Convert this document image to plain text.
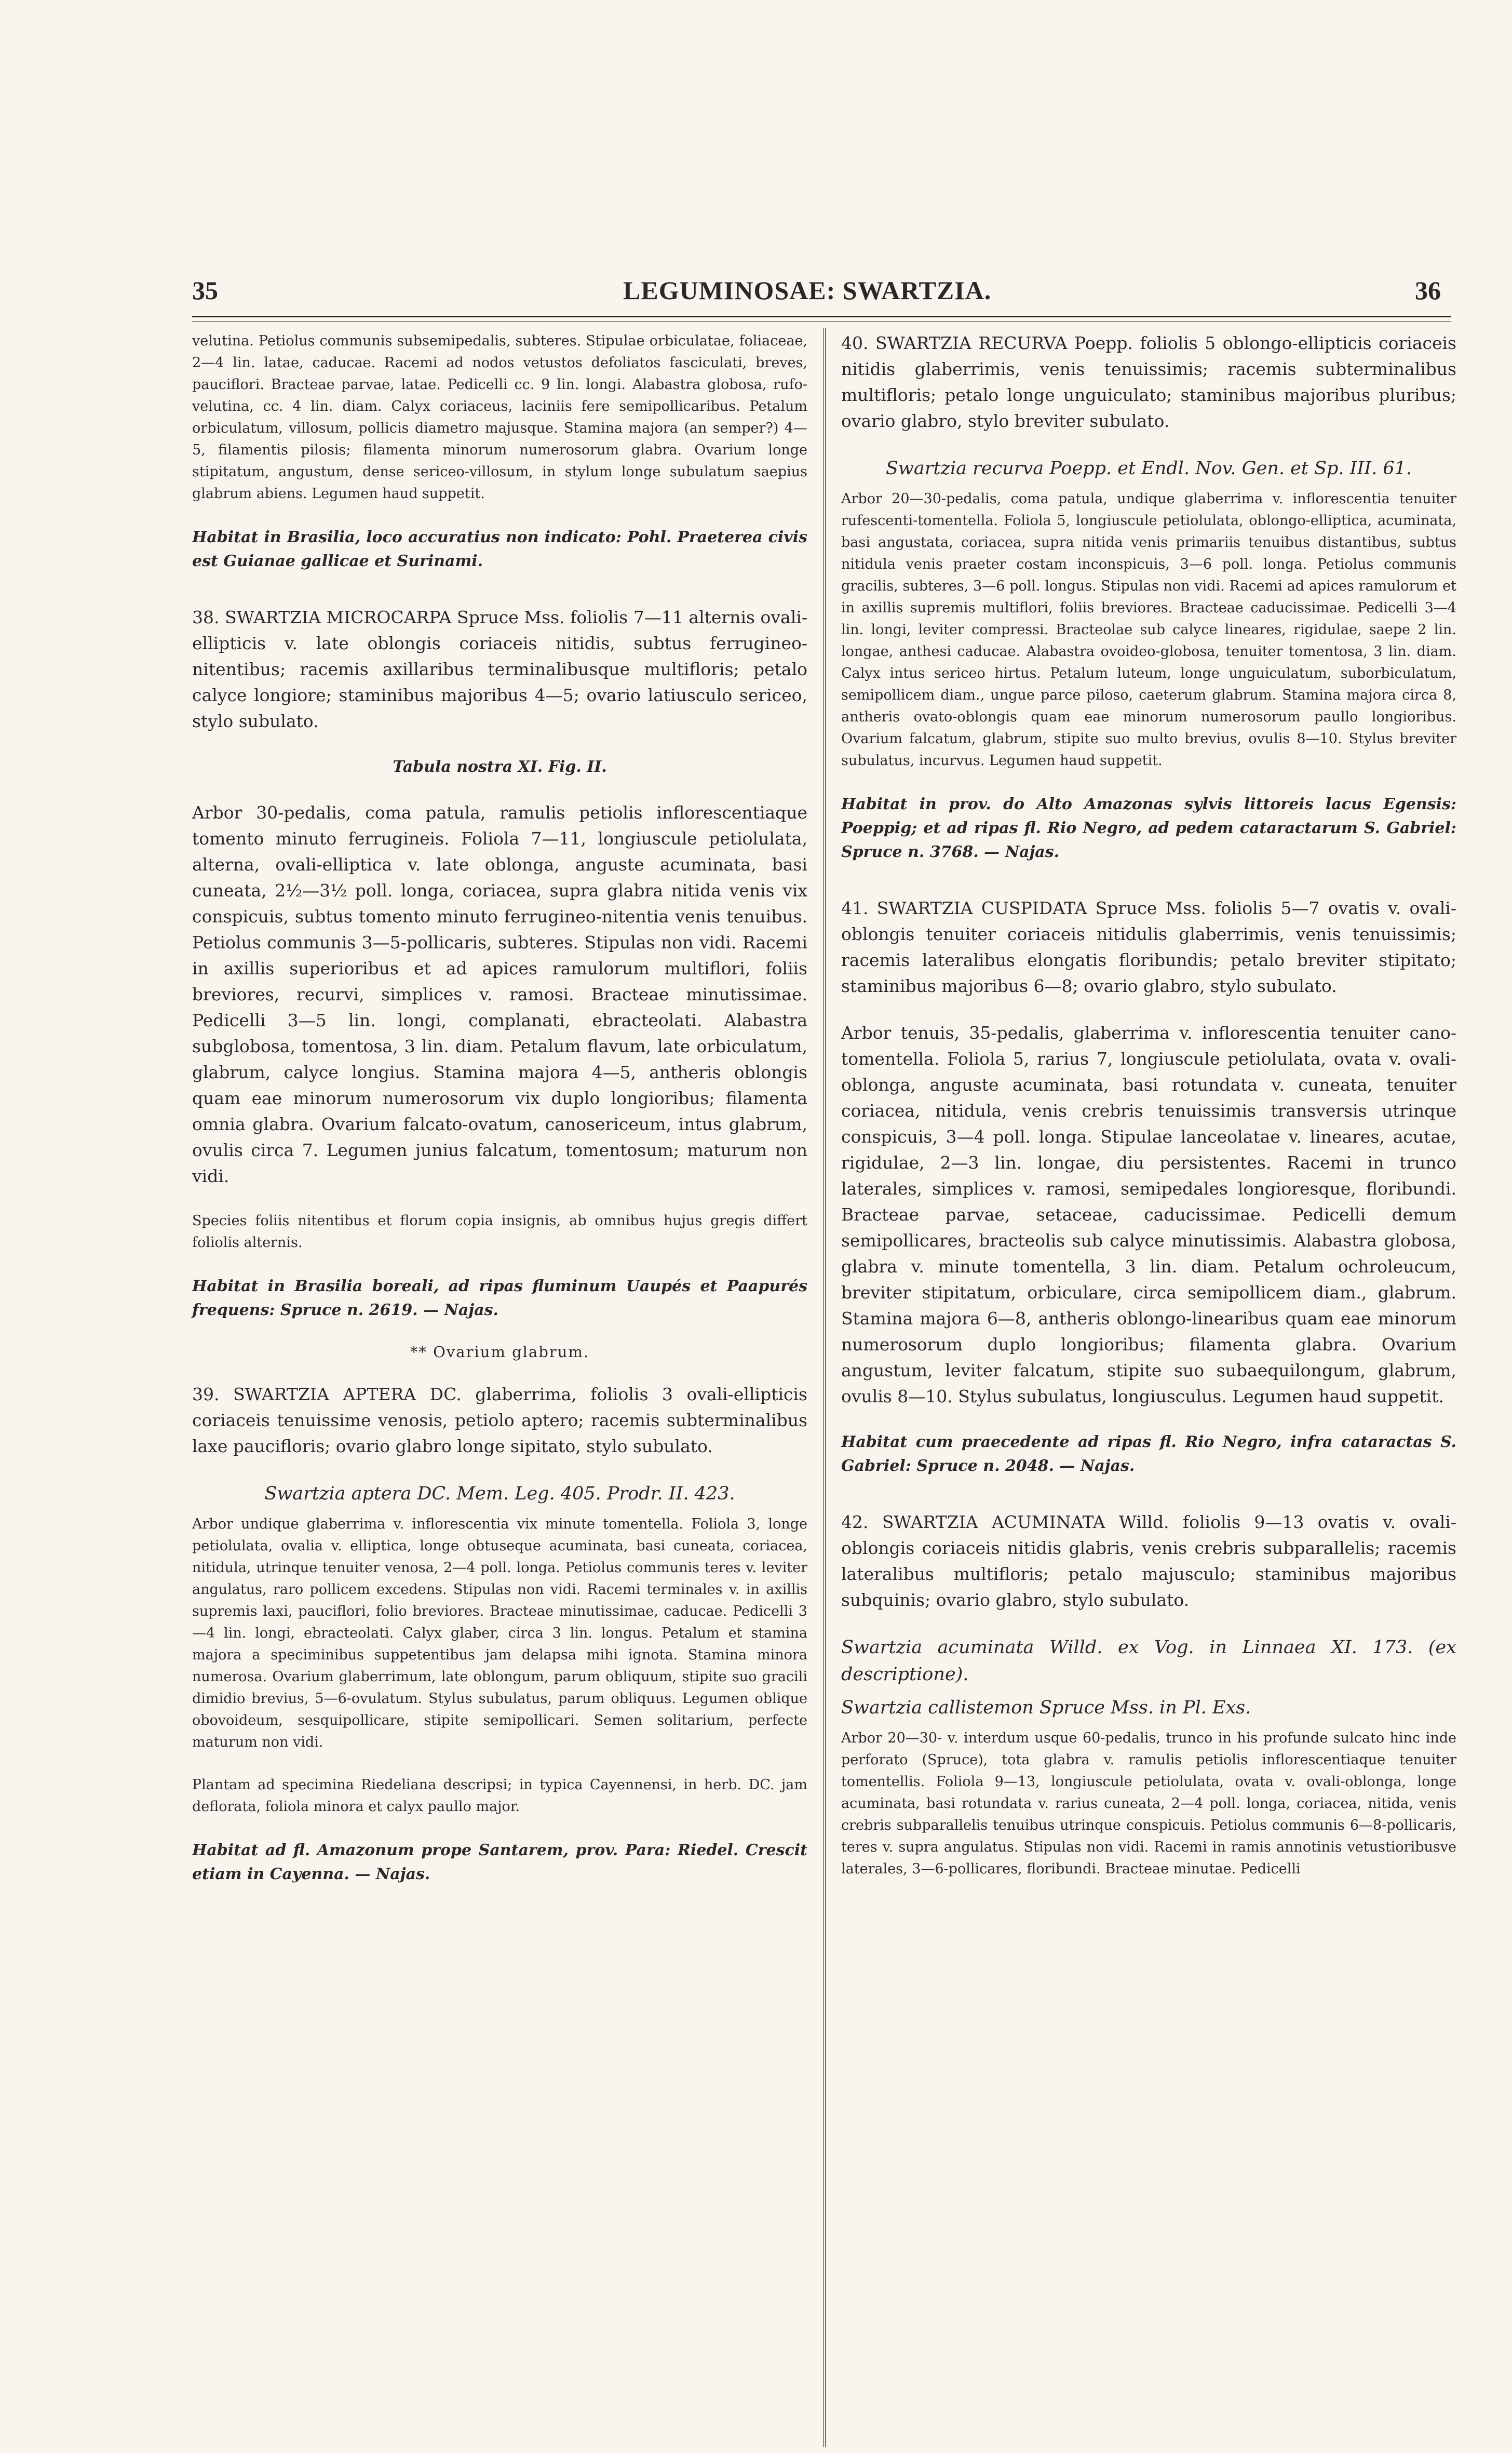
35	LEGUMINOSAE: SWARTZIA.	36

velutina. Petiolus communis subsemipedalis, subteres. Stipulae orbiculatae, foliaceae, 2—4 lin. latae, caducae. Racemi ad nodos vetustos defoliatos fasciculati, breves, pauciflori. Bracteae parvae, latae. Pedicelli cc. 9 lin. longi. Alabastra globosa, rufo-velutina, cc. 4 lin. diam. Calyx coriaceus, laciniis fere semipollicaribus. Petalum orbiculatum, villosum, pollicis diametro majusque. Stamina majora (an semper?) 4—5, filamentis pilosis; filamenta minorum numerosorum glabra. Ovarium longe stipitatum, angustum, dense sericeo-villosum, in stylum longe subulatum saepius glabrum abiens. Legumen haud suppetit.

Habitat in Brasilia, loco accuratius non indicato: Pohl. Praeterea civis est Guianae gallicae et Surinami.

38. SWARTZIA MICROCARPA Spruce Mss. foliolis 7—11 alternis ovali-ellipticis v. late oblongis coriaceis nitidis, subtus ferrugineo-nitentibus; racemis axillaribus terminalibusque multifloris; petalo calyce longiore; staminibus majoribus 4—5; ovario latiusculo sericeo, stylo subulato.

Tabula nostra XI. Fig. II.

Arbor 30-pedalis, coma patula, ramulis petiolis inflorescentiaque tomento minuto ferrugineis. Foliola 7—11, longiuscule petiolulata, alterna, ovali-elliptica v. late oblonga, anguste acuminata, basi cuneata, 2½—3½ poll. longa, coriacea, supra glabra nitida venis vix conspicuis, subtus tomento minuto ferrugineo-nitentia venis tenuibus. Petiolus communis 3—5-pollicaris, subteres. Stipulas non vidi. Racemi in axillis superioribus et ad apices ramulorum multiflori, foliis breviores, recurvi, simplices v. ramosi. Bracteae minutissimae. Pedicelli 3—5 lin. longi, complanati, ebracteolati. Alabastra subglobosa, tomentosa, 3 lin. diam. Petalum flavum, late orbiculatum, glabrum, calyce longius. Stamina majora 4—5, antheris oblongis quam eae minorum numerosorum vix duplo longioribus; filamenta omnia glabra. Ovarium falcato-ovatum, canosericeum, intus glabrum, ovulis circa 7. Legumen junius falcatum, tomentosum; maturum non vidi.

Species foliis nitentibus et florum copia insignis, ab omnibus hujus gregis differt foliolis alternis.

Habitat in Brasilia boreali, ad ripas fluminum Uaupés et Paapurés frequens: Spruce n. 2619. — Najas.

** Ovarium glabrum.

39. SWARTZIA APTERA DC. glaberrima, foliolis 3 ovali-ellipticis coriaceis tenuissime venosis, petiolo aptero; racemis subterminalibus laxe paucifloris; ovario glabro longe sipitato, stylo subulato.

Swartzia aptera DC. Mem. Leg. 405. Prodr. II. 423.

Arbor undique glaberrima v. inflorescentia vix minute tomentella. Foliola 3, longe petiolulata, ovalia v. elliptica, longe obtuseque acuminata, basi cuneata, coriacea, nitidula, utrinque tenuiter venosa, 2—4 poll. longa. Petiolus communis teres v. leviter angulatus, raro pollicem excedens. Stipulas non vidi. Racemi terminales v. in axillis supremis laxi, pauciflori, folio breviores. Bracteae minutissimae, caducae. Pedicelli 3—4 lin. longi, ebracteolati. Calyx glaber, circa 3 lin. longus. Petalum et stamina majora a speciminibus suppetentibus jam delapsa mihi ignota. Stamina minora numerosa. Ovarium glaberrimum, late oblongum, parum obliquum, stipite suo gracili dimidio brevius, 5—6-ovulatum. Stylus subulatus, parum obliquus. Legumen oblique obovoideum, sesquipollicare, stipite semipollicari. Semen solitarium, perfecte maturum non vidi.

Plantam ad specimina Riedeliana descripsi; in typica Cayennensi, in herb. DC. jam deflorata, foliola minora et calyx paullo major.

Habitat ad fl. Amazonum prope Santarem, prov. Para: Riedel. Crescit etiam in Cayenna. — Najas.

40. SWARTZIA RECURVA Poepp. foliolis 5 oblongo-ellipticis coriaceis nitidis glaberrimis, venis tenuissimis; racemis subterminalibus multifloris; petalo longe unguiculato; staminibus majoribus pluribus; ovario glabro, stylo breviter subulato.

Swartzia recurva Poepp. et Endl. Nov. Gen. et Sp. III. 61.

Arbor 20—30-pedalis, coma patula, undique glaberrima v. inflorescentia tenuiter rufescenti-tomentella. Foliola 5, longiuscule petiolulata, oblongo-elliptica, acuminata, basi angustata, coriacea, supra nitida venis primariis tenuibus distantibus, subtus nitidula venis praeter costam inconspicuis, 3—6 poll. longa. Petiolus communis gracilis, subteres, 3—6 poll. longus. Stipulas non vidi. Racemi ad apices ramulorum et in axillis supremis multiflori, foliis breviores. Bracteae caducissimae. Pedicelli 3—4 lin. longi, leviter compressi. Bracteolae sub calyce lineares, rigidulae, saepe 2 lin. longae, anthesi caducae. Alabastra ovoideo-globosa, tenuiter tomentosa, 3 lin. diam. Calyx intus sericeo hirtus. Petalum luteum, longe unguiculatum, suborbiculatum, semipollicem diam., ungue parce piloso, caeterum glabrum. Stamina majora circa 8, antheris ovato-oblongis quam eae minorum numerosorum paullo longioribus. Ovarium falcatum, glabrum, stipite suo multo brevius, ovulis 8—10. Stylus breviter subulatus, incurvus. Legumen haud suppetit.

Habitat in prov. do Alto Amazonas sylvis littoreis lacus Egensis: Poeppig; et ad ripas fl. Rio Negro, ad pedem cataractarum S. Gabriel: Spruce n. 3768. — Najas.

41. SWARTZIA CUSPIDATA Spruce Mss. foliolis 5—7 ovatis v. ovali-oblongis tenuiter coriaceis nitidulis glaberrimis, venis tenuissimis; racemis lateralibus elongatis floribundis; petalo breviter stipitato; staminibus majoribus 6—8; ovario glabro, stylo subulato.

Arbor tenuis, 35-pedalis, glaberrima v. inflorescentia tenuiter cano-tomentella. Foliola 5, rarius 7, longiuscule petiolulata, ovata v. ovali-oblonga, anguste acuminata, basi rotundata v. cuneata, tenuiter coriacea, nitidula, venis crebris tenuissimis transversis utrinque conspicuis, 3—4 poll. longa. Stipulae lanceolatae v. lineares, acutae, rigidulae, 2—3 lin. longae, diu persistentes. Racemi in trunco laterales, simplices v. ramosi, semipedales longioresque, floribundi. Bracteae parvae, setaceae, caducissimae. Pedicelli demum semipollicares, bracteolis sub calyce minutissimis. Alabastra globosa, glabra v. minute tomentella, 3 lin. diam. Petalum ochroleucum, breviter stipitatum, orbiculare, circa semipollicem diam., glabrum. Stamina majora 6—8, antheris oblongo-linearibus quam eae minorum numerosorum duplo longioribus; filamenta glabra. Ovarium angustum, leviter falcatum, stipite suo subaequilongum, glabrum, ovulis 8—10. Stylus subulatus, longiusculus. Legumen haud suppetit.

Habitat cum praecedente ad ripas fl. Rio Negro, infra cataractas S. Gabriel: Spruce n. 2048. — Najas.

42. SWARTZIA ACUMINATA Willd. foliolis 9—13 ovatis v. ovali-oblongis coriaceis nitidis glabris, venis crebris subparallelis; racemis lateralibus multifloris; petalo majusculo; staminibus majoribus subquinis; ovario glabro, stylo subulato.

Swartzia acuminata Willd. ex Vog. in Linnaea XI. 173. (ex descriptione).

Swartzia callistemon Spruce Mss. in Pl. Exs.

Arbor 20—30- v. interdum usque 60-pedalis, trunco in his profunde sulcato hinc inde perforato (Spruce), tota glabra v. ramulis petiolis inflorescentiaque tenuiter tomentellis. Foliola 9—13, longiuscule petiolulata, ovata v. ovali-oblonga, longe acuminata, basi rotundata v. rarius cuneata, 2—4 poll. longa, coriacea, nitida, venis crebris subparallelis tenuibus utrinque conspicuis. Petiolus communis 6—8-pollicaris, teres v. supra angulatus. Stipulas non vidi. Racemi in ramis annotinis vetustioribusve laterales, 3—6-pollicares, floribundi. Bracteae minutae. Pedicelli
